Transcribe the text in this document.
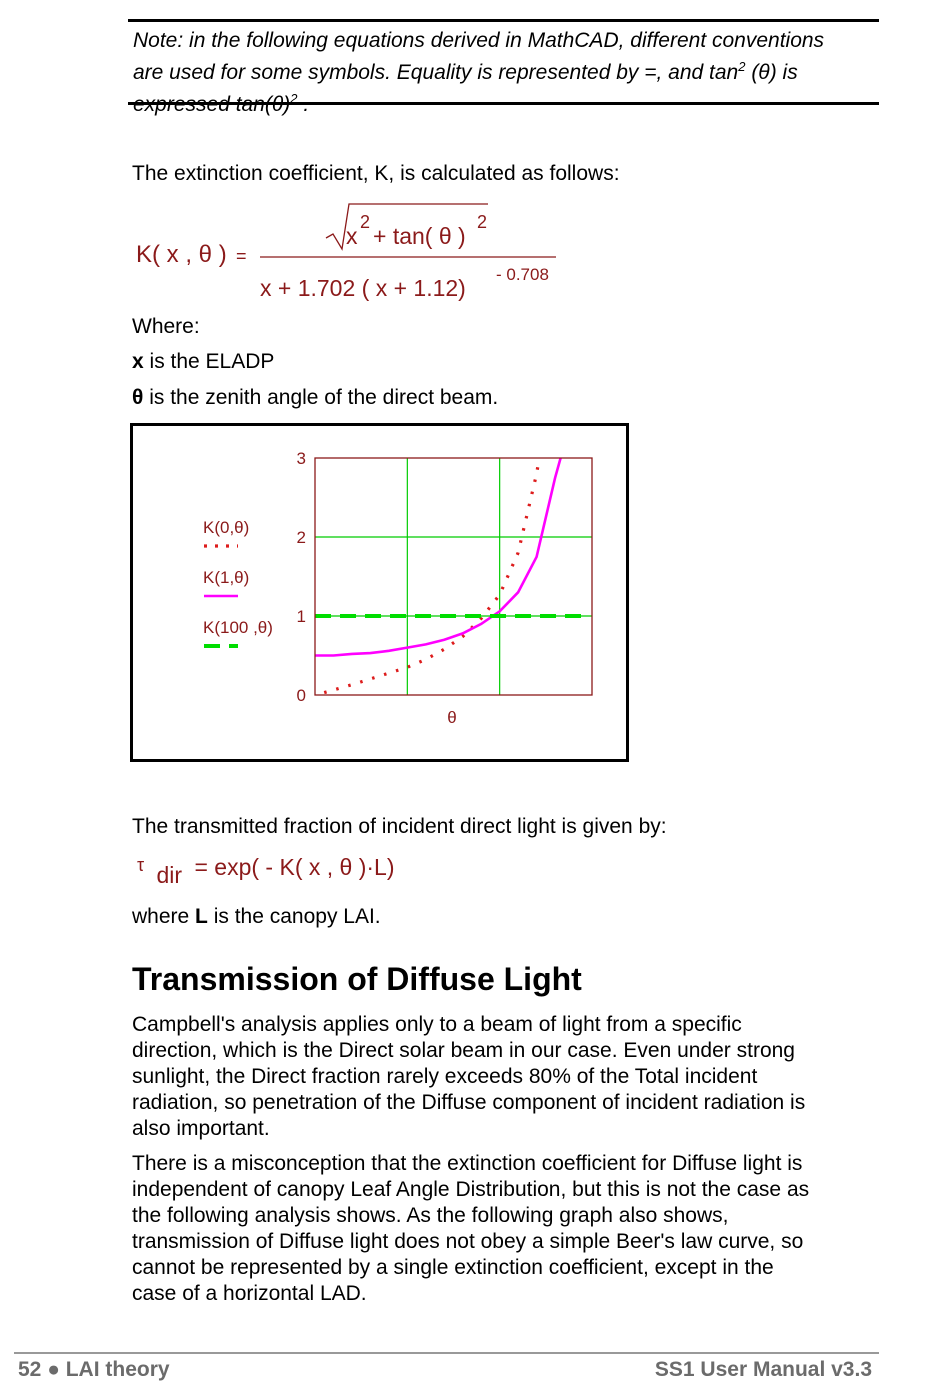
Note: in the following equations derived in MathCAD, different conventions
are used for some symbols. Equality is represented by =, and $\tan^2 (\theta)$ is
expressed $\tan(\theta)^2$ .
The extinction coefficient, K, is calculated as follows:
K( x , θ ) =
x
2
+ tan( θ )
2
x + 1.702 ( x + 1.12)
- 0.708
Where:
x is the ELADP
θ is the zenith angle of the direct beam.
0
1
2
3
θ
K(0,θ)
K(1,θ)
K(100 ,θ)
The transmitted fraction of incident direct light is given by:
τ dir = exp( - K( x , θ )·L)
where L is the canopy LAI.
Transmission of Diffuse Light
Campbell's analysis applies only to a beam of light from a specific
direction, which is the Direct solar beam in our case. Even under strong
sunlight, the Direct fraction rarely exceeds 80% of the Total incident
radiation, so penetration of the Diffuse component of incident radiation is
also important.
There is a misconception that the extinction coefficient for Diffuse light is
independent of canopy Leaf Angle Distribution, but this is not the case as
the following analysis shows. As the following graph also shows,
transmission of Diffuse light does not obey a simple Beer's law curve, so
cannot be represented by a single extinction coefficient, except in the
case of a horizontal LAD.
52 ● LAI theory	SS1 User Manual v3.3
